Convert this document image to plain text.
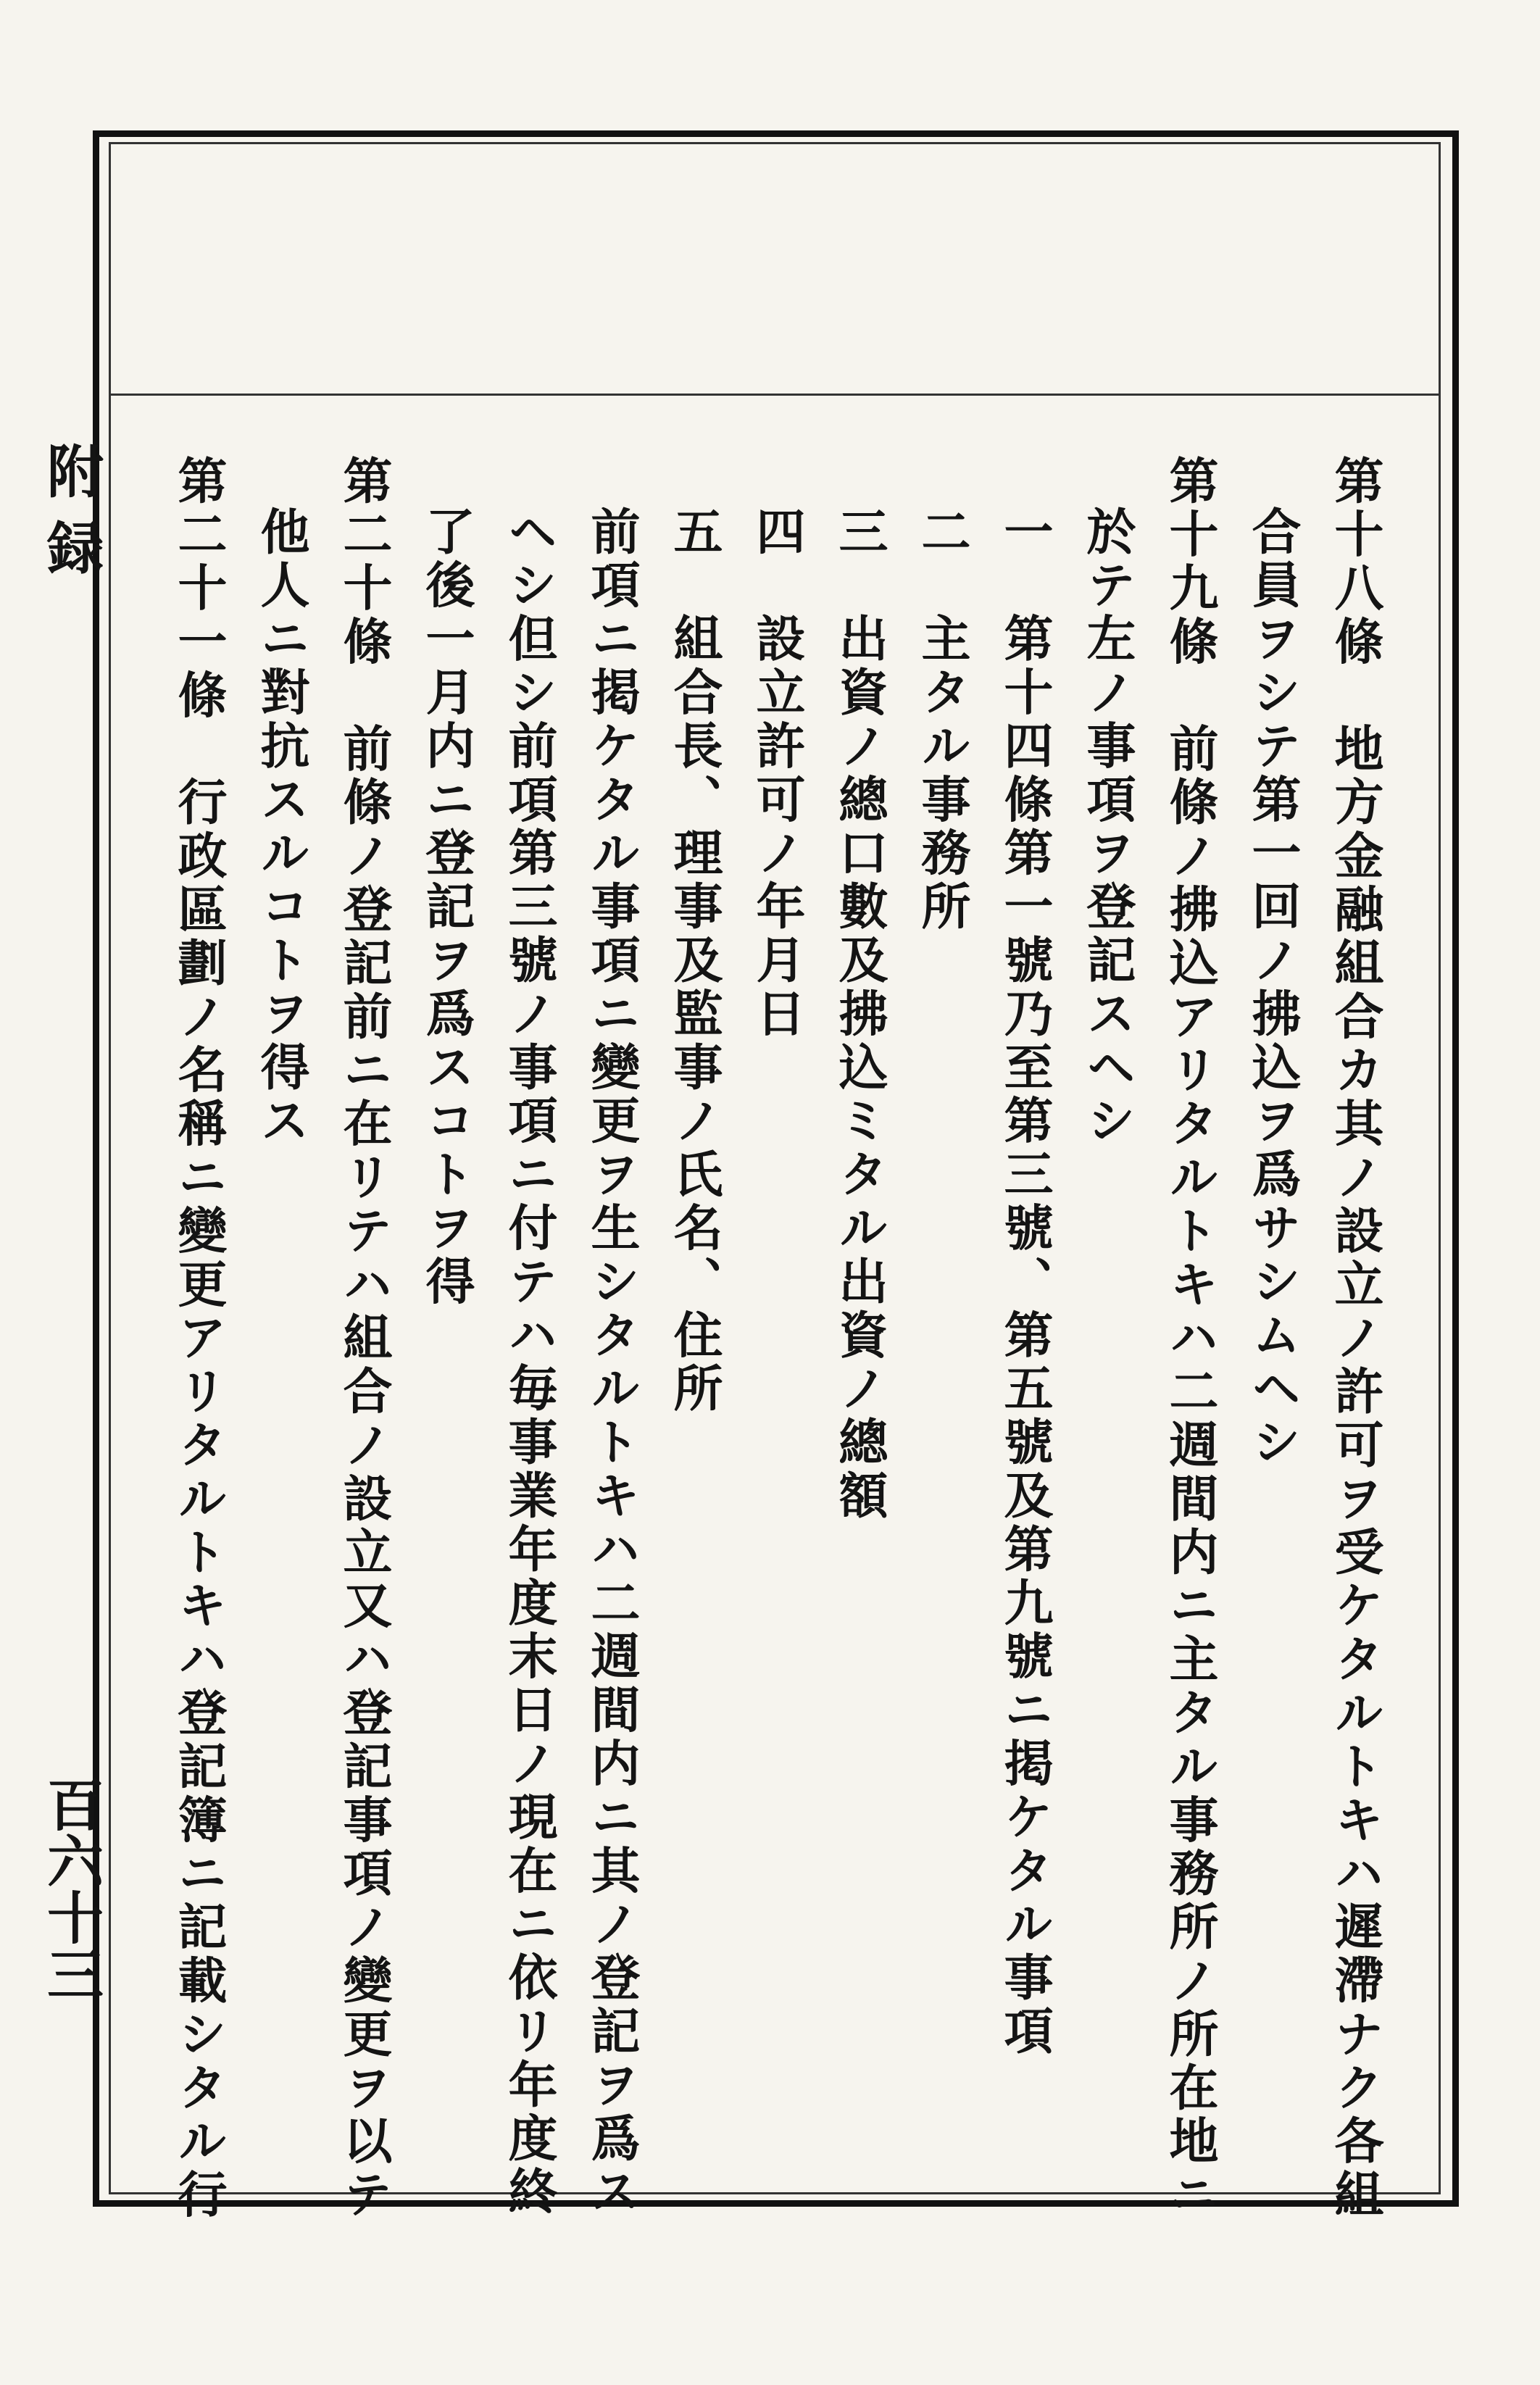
附 録
百六十三	第十八條　地方金融組合カ其ノ設立ノ許可ヲ受ケタルトキハ遲滯ナク各組
合員ヲシテ第一回ノ拂込ヲ爲サシムヘシ
第十九條　前條ノ拂込アリタルトキハ二週間内ニ主タル事務所ノ所在地ニ
於テ左ノ事項ヲ登記スヘシ
一　第十四條第一號乃至第三號、第五號及第九號ニ掲ケタル事項
二　主タル事務所
三　出資ノ總口數及拂込ミタル出資ノ總額
四　設立許可ノ年月日
五　組合長、理事及監事ノ氏名、住所
前項ニ掲ケタル事項ニ變更ヲ生シタルトキハ二週間内ニ其ノ登記ヲ爲ス
ヘシ但シ前項第三號ノ事項ニ付テハ毎事業年度末日ノ現在ニ依リ年度終
了後一月内ニ登記ヲ爲スコトヲ得
第二十條　前條ノ登記前ニ在リテハ組合ノ設立又ハ登記事項ノ變更ヲ以テ
他人ニ對抗スルコトヲ得ス
第二十一條　行政區劃ノ名稱ニ變更アリタルトキハ登記簿ニ記載シタル行
